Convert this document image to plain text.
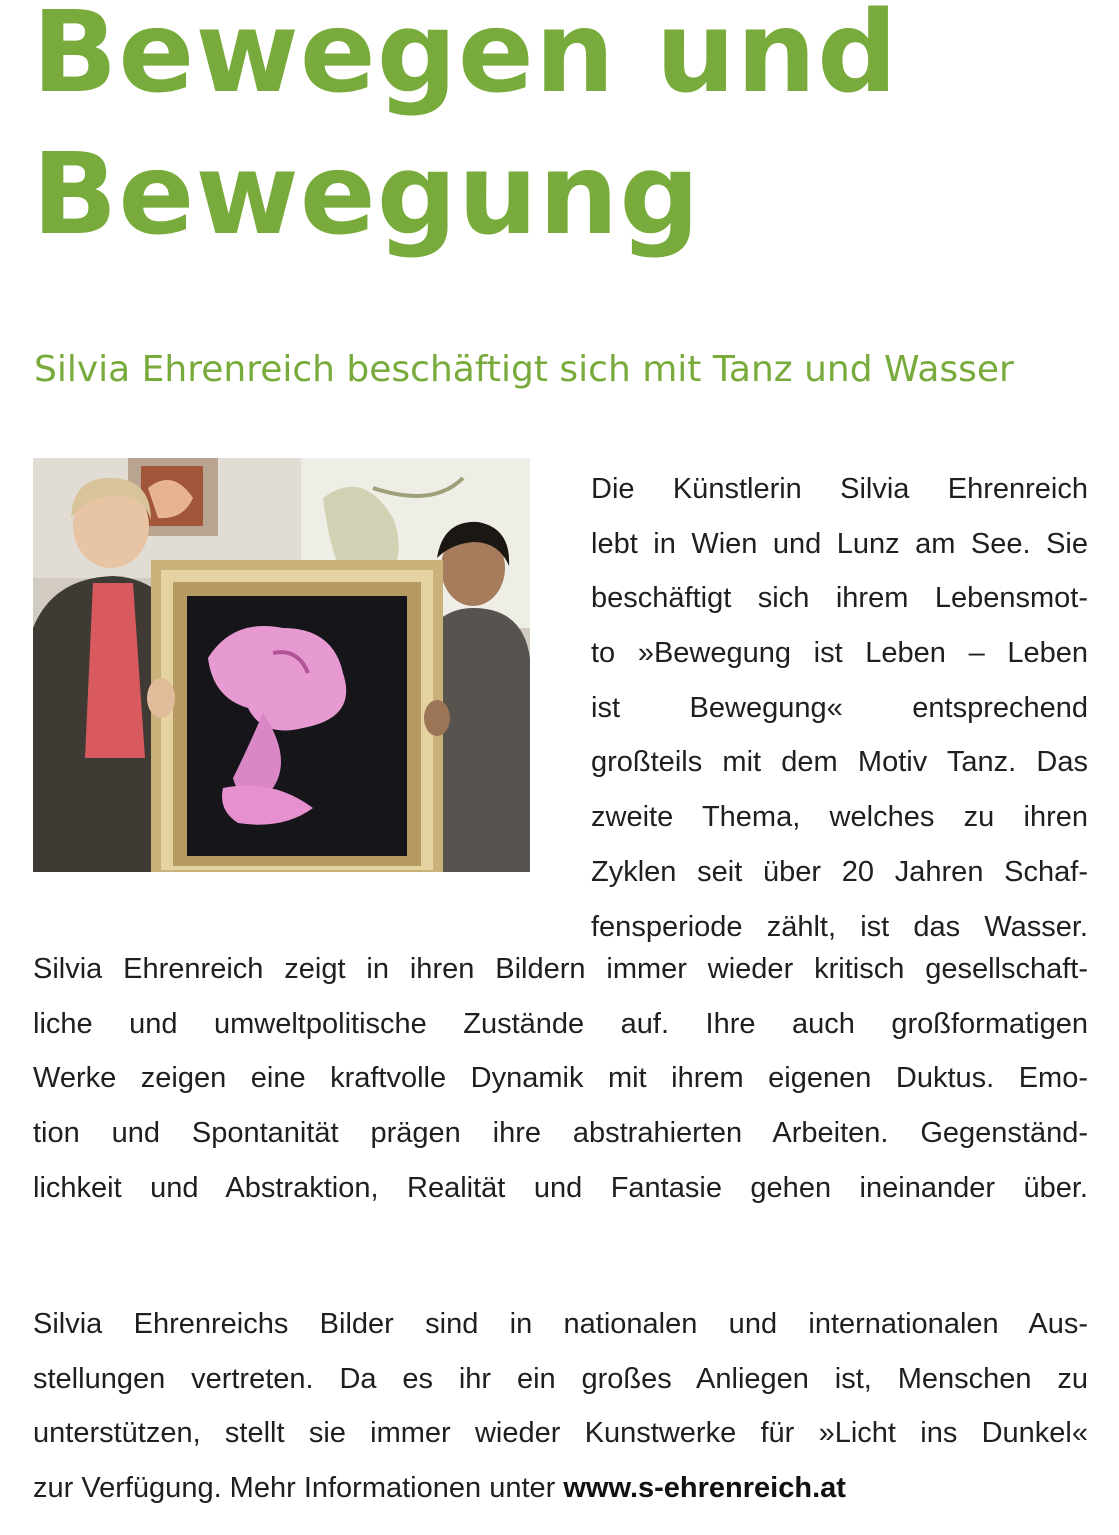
Bewegen und
Bewegung

Silvia Ehrenreich beschäftigt sich mit Tanz und Wasser

Die Künstlerin Silvia Ehrenreich
lebt in Wien und Lunz am See. Sie
beschäftigt sich ihrem Lebensmot-
to »Bewegung ist Leben – Leben
ist Bewegung« entsprechend
großteils mit dem Motiv Tanz. Das
zweite Thema, welches zu ihren
Zyklen seit über 20 Jahren Schaf-
fensperiode zählt, ist das Wasser.
Silvia Ehrenreich zeigt in ihren Bildern immer wieder kritisch gesellschaft-
liche und umweltpolitische Zustände auf. Ihre auch großformatigen
Werke zeigen eine kraftvolle Dynamik mit ihrem eigenen Duktus. Emo-
tion und Spontanität prägen ihre abstrahierten Arbeiten. Gegenständ-
lichkeit und Abstraktion, Realität und Fantasie gehen ineinander über.
Silvia Ehrenreichs Bilder sind in nationalen und internationalen Aus-
stellungen vertreten. Da es ihr ein großes Anliegen ist, Menschen zu
unterstützen, stellt sie immer wieder Kunstwerke für »Licht ins Dunkel«
zur Verfügung. Mehr Informationen unter www.s-ehrenreich.at
